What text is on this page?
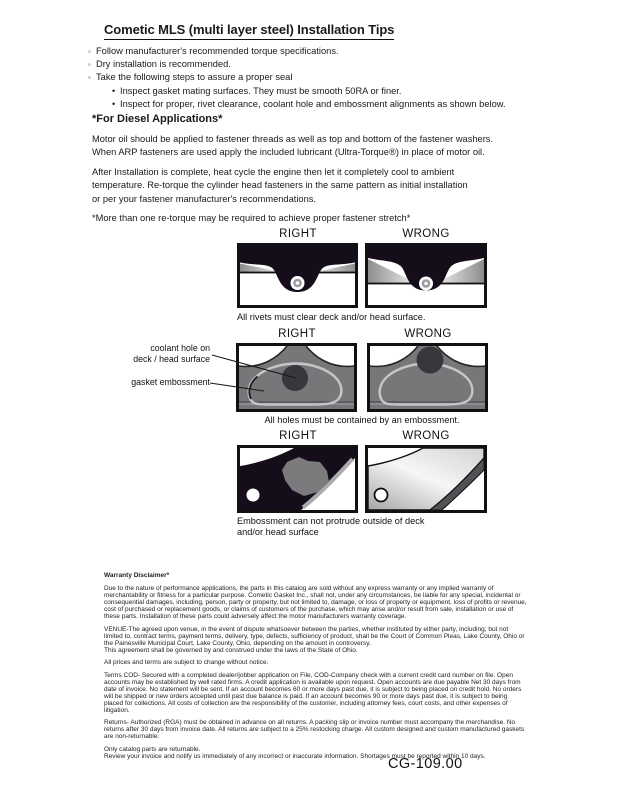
Cometic MLS (multi layer steel) Installation Tips
◦ Follow manufacturer's recommended torque specifications.
◦ Dry installation is recommended.
◦ Take the following steps to assure a proper seal
• Inspect gasket mating surfaces. They must be smooth 50RA or finer.
• Inspect for proper, rivet clearance, coolant hole and embossment alignments as shown below.
*For Diesel Applications*

Motor oil should be applied to fastener threads as well as top and bottom of the fastener washers.
When ARP fasteners are used apply the included lubricant (Ultra-Torque®) in place of motor oil.

After Installation is complete, heat cycle the engine then let it completely cool to ambient
temperature. Re-torque the cylinder head fasteners in the same pattern as initial installation
or per your fastener manufacturer's recommendations.

*More than one re-torque may be required to achieve proper fastener stretch*

RIGHT	WRONG
All rivets must clear deck and/or head surface.
coolant hole on
deck / head surface
gasket embossment
RIGHT	WRONG
All holes must be contained by an embossment.
RIGHT	WRONG
Embossment can not protrude outside of deck
and/or head surface
Warranty Disclaimer*

Due to the nature of performance applications, the parts in this catalog are sold without any express warranty or any implied warranty of merchantability or fitness for a particular purpose. Cometic Gasket Inc., shall not, under any circumstances, be liable for any special, incidental or consequential damages, including, person, party or property, but not limited to, damage, or loss of property or equipment, loss of profits or revenue, cost of purchased or replacement goods, or claims of customers of the purchase, which may arise and/or result from sale, installation or use of these parts. Installation of these parts could adversely affect the motor manufacturers warranty coverage.

VENUE-The agreed upon venue, in the event of dispute whatsoever between the parties, whether instituted by either party, including, but not limited to, contract terms, payment terms, delivery, type, defects, sufficiency of product, shall be the Court of Common Pleas, Lake County, Ohio or the Painesville Municipal Court, Lake County, Ohio, depending on the amount in controversy.
This agreement shall be governed by and construed under the laws of the State of Ohio.

All prices and terms are subject to change without notice.

Terms COD- Secured with a completed dealer/jobber application on File, COD-Company check with a current credit card number on file. Open accounts may be established by well rated firms. A credit application is available upon request. Open accounts are due payable Net 30 days from date of invoice. No statement will be sent. If an account becomes 60 or more days past due, it is subject to being placed on credit hold. No orders will be shipped or new orders accepted until past due balance is paid. If an account becomes 90 or more days past due, it is subject to being placed for collections. All costs of collection are the responsibility of the customer, including attorney fees, court costs, and other expenses of litigation.

Returns- Authorized (RGA) must be obtained in advance on all returns. A packing slip or invoice number must accompany the merchandise. No returns after 30 days from invoice date. All returns are subject to a 25% restocking charge. All custom designed and custom manufactured gaskets are non-returnable.

Only catalog parts are returnable.
Review your invoice and notify us immediately of any incorrect or inaccurate information. Shortages must be reported within 10 days.

CG-109.00
